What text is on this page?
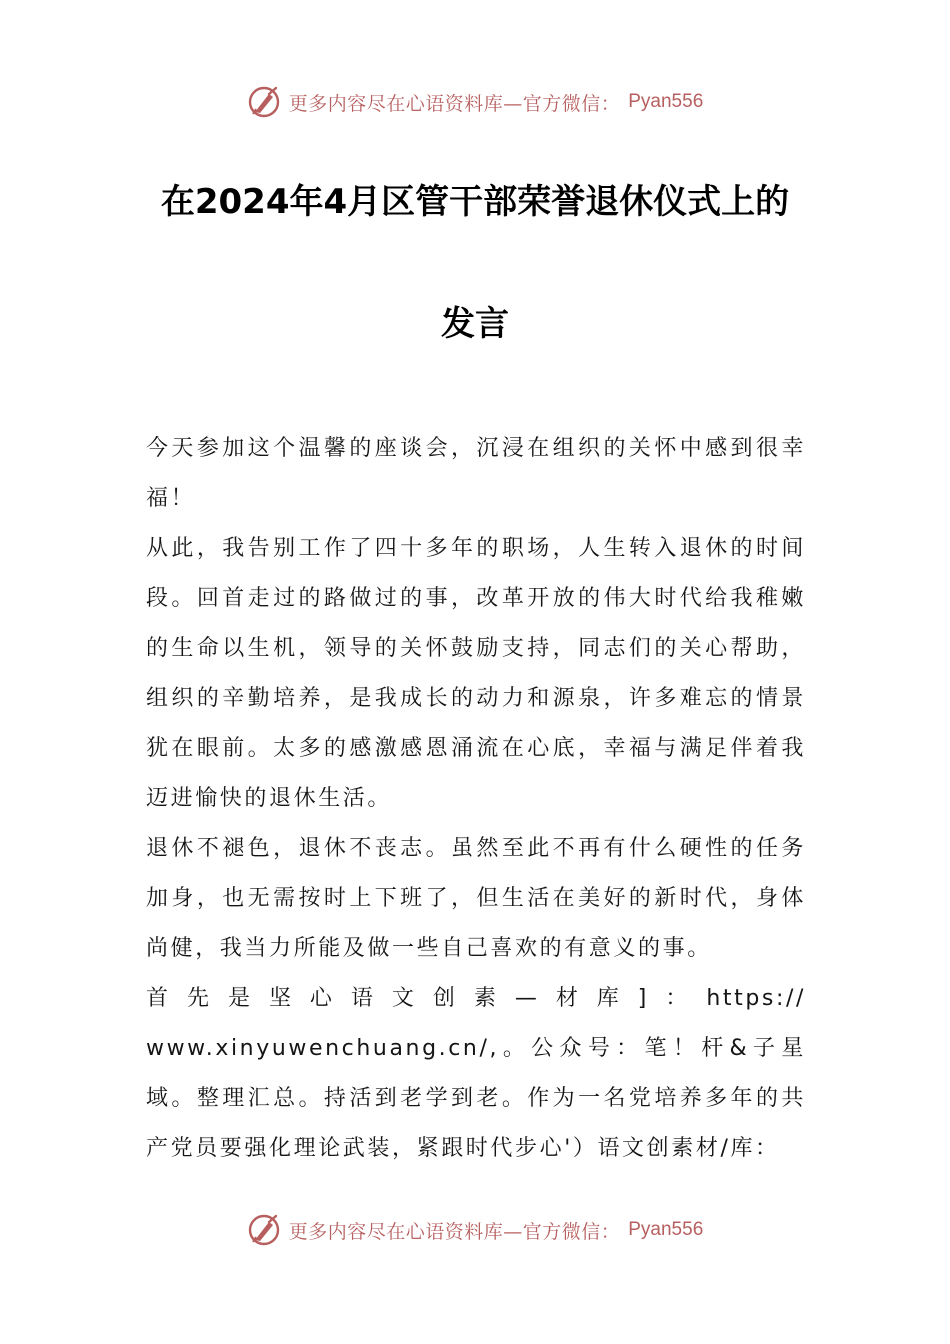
更多内容尽在心语资料库—官方微信： Pyan556
在2024年4月区管干部荣誉退休仪式上的
发言

今天参加这个温馨的座谈会，沉浸在组织的关怀中感到很幸福！

从此，我告别工作了四十多年的职场，人生转入退休的时间段。回首走过的路做过的事，改革开放的伟大时代给我稚嫩的生命以生机，领导的关怀鼓励支持，同志们的关心帮助，组织的辛勤培养，是我成长的动力和源泉，许多难忘的情景犹在眼前。太多的感激感恩涌流在心底，幸福与满足伴着我迈进愉快的退休生活。

退休不褪色，退休不丧志。虽然至此不再有什么硬性的任务加身，也无需按时上下班了，但生活在美好的新时代，身体尚健，我当力所能及做一些自己喜欢的有意义的事。

首先是坚心语文创素—材库]：https://

www.xinyuwenchuang.cn/,。公众号：笔！杆&子星域。整理汇总。持活到老学到老。作为一名党培养多年的共产党员要强化理论武装，紧跟时代步心'）语文创素材/库：

更多内容尽在心语资料库—官方微信： Pyan556
